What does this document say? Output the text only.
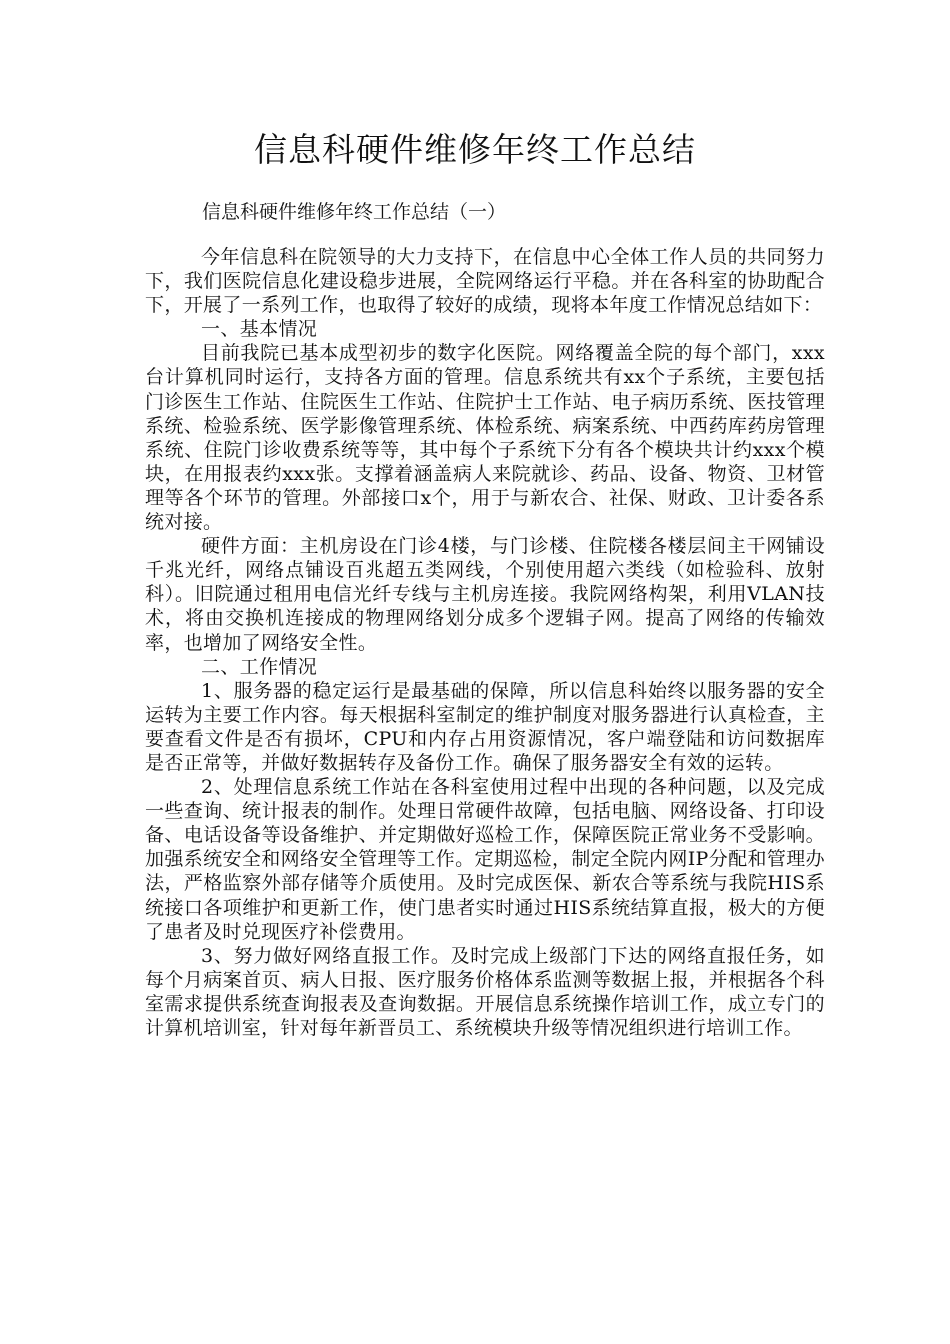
信息科硬件维修年终工作总结

信息科硬件维修年终工作总结（一）

今年信息科在院领导的大力支持下，在信息中心全体工作人员的共同努力下，我们医院信息化建设稳步进展，全院网络运行平稳。并在各科室的协助配合下，开展了一系列工作，也取得了较好的成绩，现将本年度工作情况总结如下：

一、基本情况

目前我院已基本成型初步的数字化医院。网络覆盖全院的每个部门，xxx台计算机同时运行，支持各方面的管理。信息系统共有xx个子系统，主要包括门诊医生工作站、住院医生工作站、住院护士工作站、电子病历系统、医技管理系统、检验系统、医学影像管理系统、体检系统、病案系统、中西药库药房管理系统、住院门诊收费系统等等，其中每个子系统下分有各个模块共计约xxx个模块，在用报表约xxx张。支撑着涵盖病人来院就诊、药品、设备、物资、卫材管理等各个环节的管理。外部接口x个，用于与新农合、社保、财政、卫计委各系统对接。

硬件方面：主机房设在门诊4楼，与门诊楼、住院楼各楼层间主干网铺设千兆光纤，网络点铺设百兆超五类网线，个别使用超六类线（如检验科、放射科）。旧院通过租用电信光纤专线与主机房连接。我院网络构架，利用VLAN技术，将由交换机连接成的物理网络划分成多个逻辑子网。提高了网络的传输效率，也增加了网络安全性。

二、工作情况

1、服务器的稳定运行是最基础的保障，所以信息科始终以服务器的安全运转为主要工作内容。每天根据科室制定的维护制度对服务器进行认真检查，主要查看文件是否有损坏，CPU和内存占用资源情况，客户端登陆和访问数据库是否正常等，并做好数据转存及备份工作。确保了服务器安全有效的运转。

2、处理信息系统工作站在各科室使用过程中出现的各种问题，以及完成一些查询、统计报表的制作。处理日常硬件故障，包括电脑、网络设备、打印设备、电话设备等设备维护、并定期做好巡检工作，保障医院正常业务不受影响。加强系统安全和网络安全管理等工作。定期巡检，制定全院内网IP分配和管理办法，严格监察外部存储等介质使用。及时完成医保、新农合等系统与我院HIS系统接口各项维护和更新工作，使门患者实时通过HIS系统结算直报，极大的方便了患者及时兑现医疗补偿费用。

3、努力做好网络直报工作。及时完成上级部门下达的网络直报任务，如每个月病案首页、病人日报、医疗服务价格体系监测等数据上报，并根据各个科室需求提供系统查询报表及查询数据。开展信息系统操作培训工作，成立专门的计算机培训室，针对每年新晋员工、系统模块升级等情况组织进行培训工作。
